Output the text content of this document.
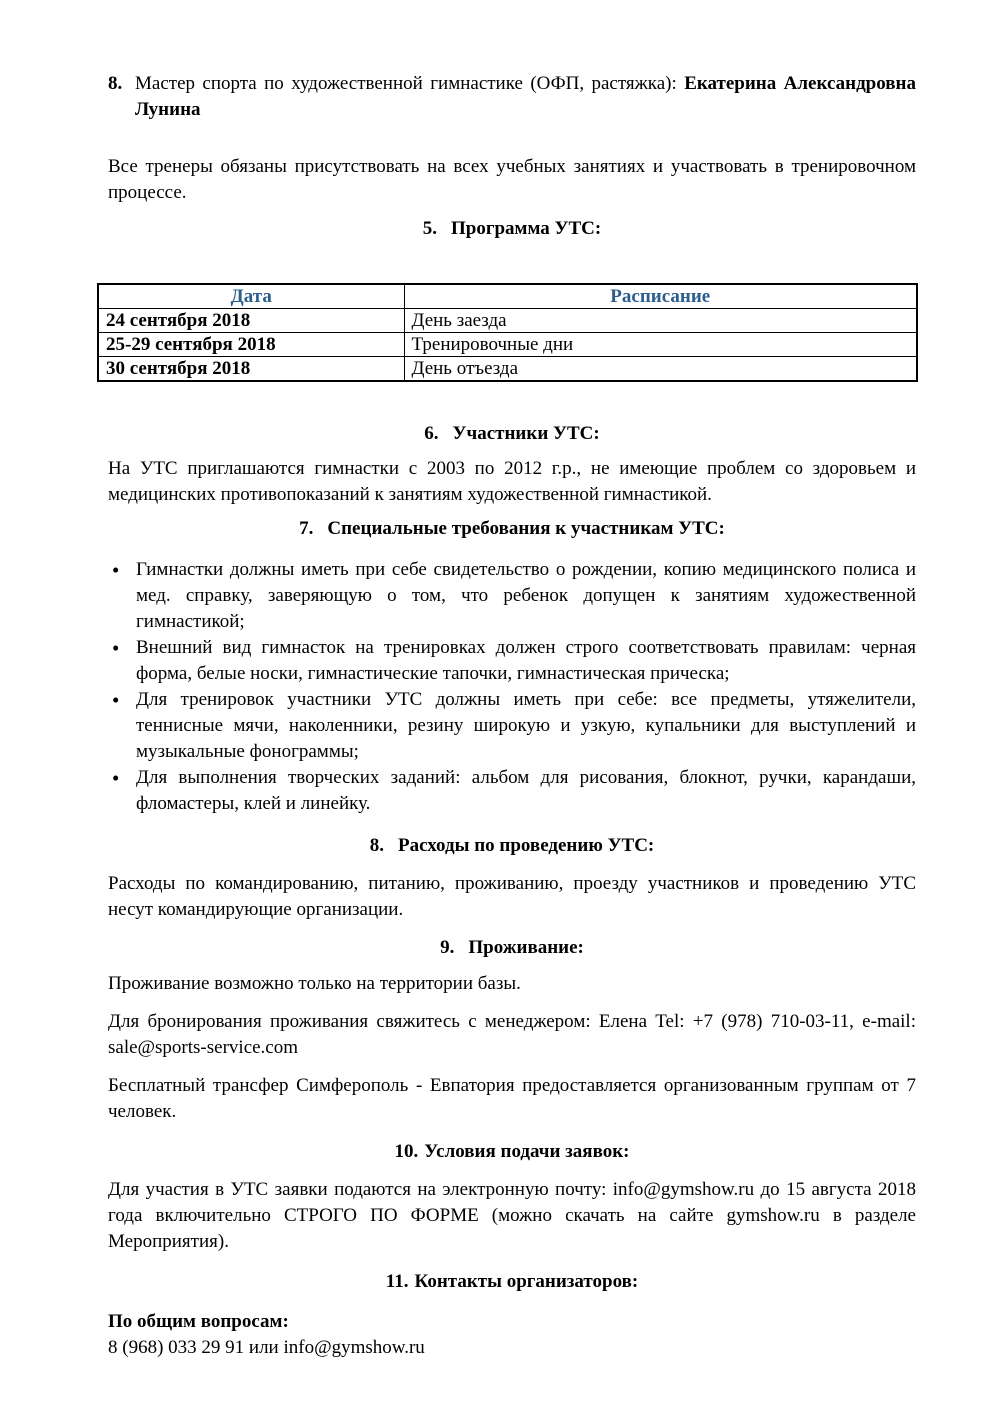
8. Мастер спорта по художественной гимнастике (ОФП, растяжка): Екатерина Александровна Лунина

Все тренеры обязаны присутствовать на всех учебных занятиях и участвовать в тренировочном процессе.

5. Программа УТС:

Дата	Расписание
24 сентября 2018	День заезда
25-29 сентября 2018	Тренировочные дни
30 сентября 2018	День отъезда

6. Участники УТС:

На УТС приглашаются гимнастки с 2003 по 2012 г.р., не имеющие проблем со здоровьем и медицинских противопоказаний к занятиям художественной гимнастикой.

7. Специальные требования к участникам УТС:

• Гимнастки должны иметь при себе свидетельство о рождении, копию медицинского полиса и мед. справку, заверяющую о том, что ребенок допущен к занятиям художественной гимнастикой;
• Внешний вид гимнасток на тренировках должен строго соответствовать правилам: черная форма, белые носки, гимнастические тапочки, гимнастическая прическа;
• Для тренировок участники УТС должны иметь при себе: все предметы, утяжелители, теннисные мячи, наколенники, резину широкую и узкую, купальники для выступлений и музыкальные фонограммы;
• Для выполнения творческих заданий: альбом для рисования, блокнот, ручки, карандаши, фломастеры, клей и линейку.

8. Расходы по проведению УТС:

Расходы по командированию, питанию, проживанию, проезду участников и проведению УТС несут командирующие организации.

9. Проживание:

Проживание возможно только на территории базы.

Для бронирования проживания свяжитесь с менеджером: Елена Tel: +7 (978) 710-03-11, e-mail: sale@sports-service.com

Бесплатный трансфер Симферополь - Евпатория предоставляется организованным группам от 7 человек.

10. Условия подачи заявок:

Для участия в УТС заявки подаются на электронную почту: info@gymshow.ru до 15 августа 2018 года включительно СТРОГО ПО ФОРМЕ (можно скачать на сайте gymshow.ru в разделе Мероприятия).

11. Контакты организаторов:

По общим вопросам:

8 (968) 033 29 91 или info@gymshow.ru
